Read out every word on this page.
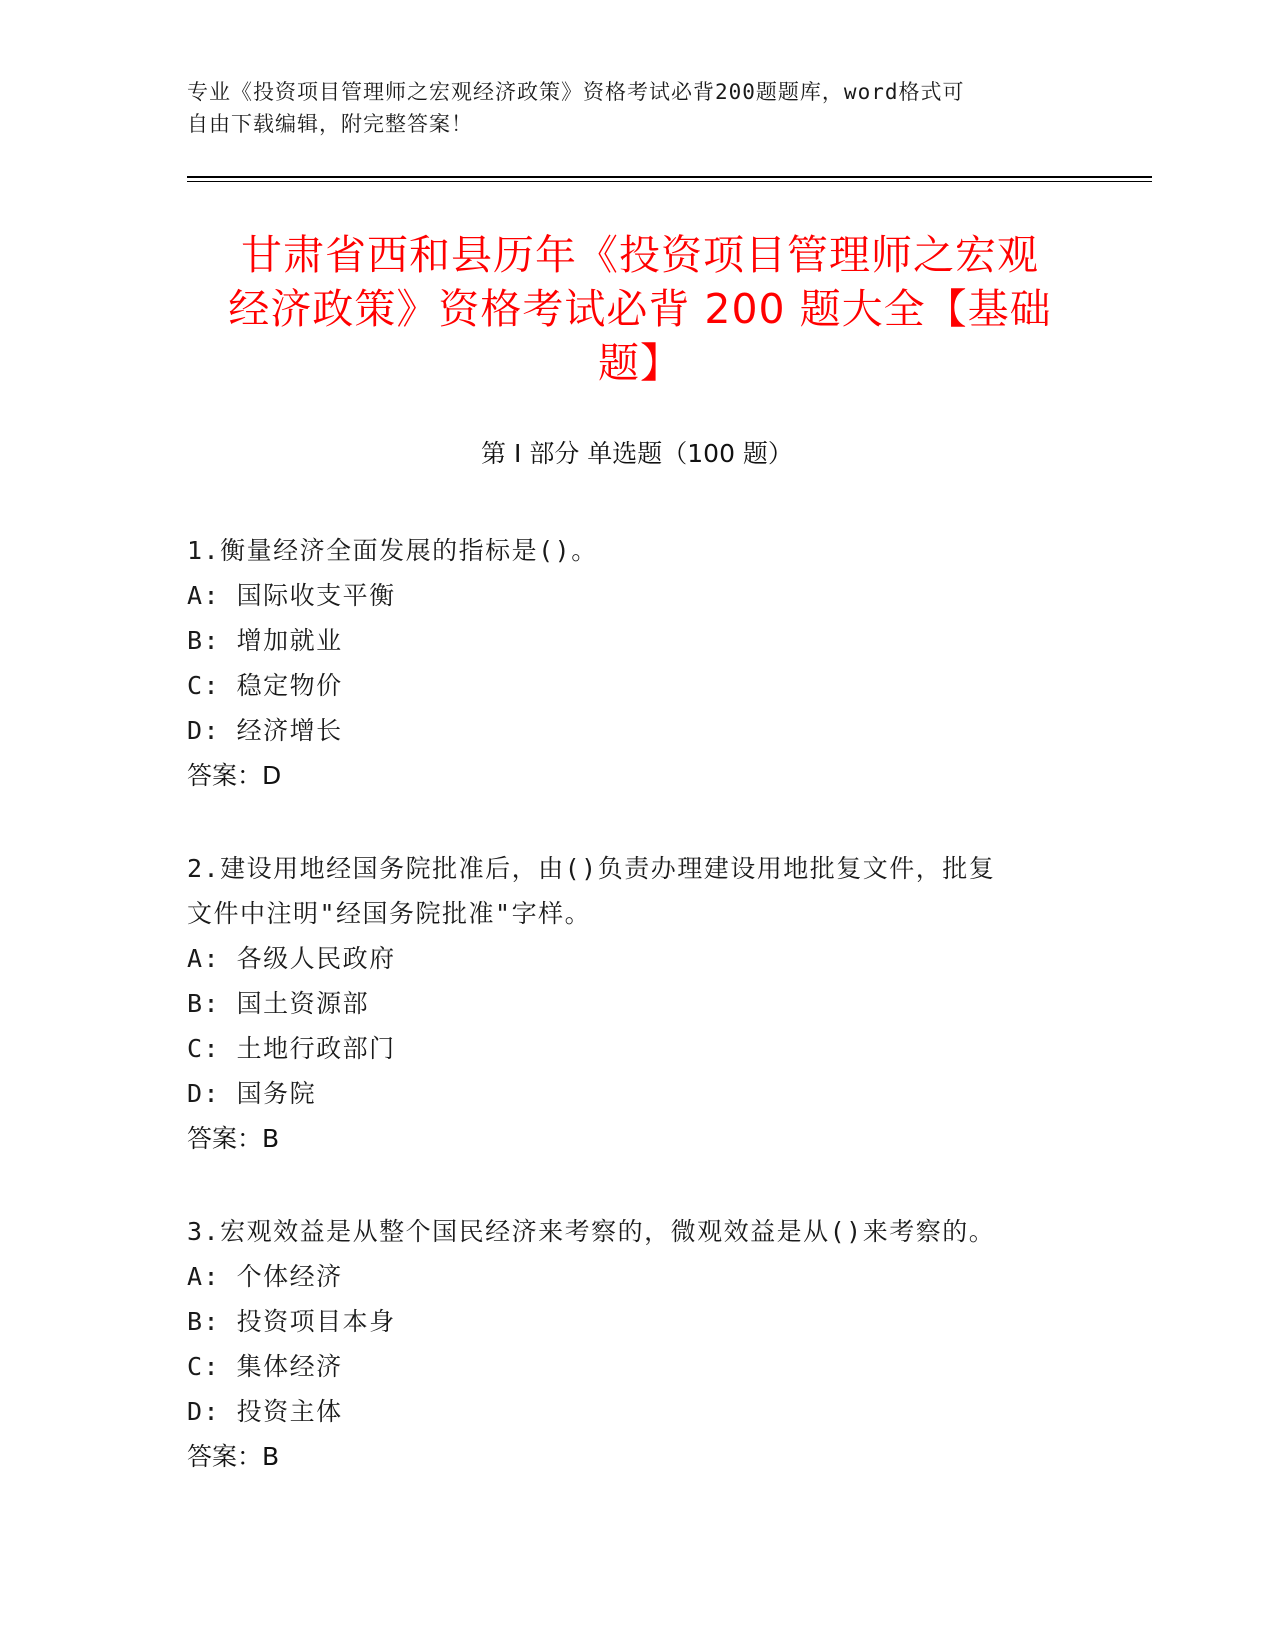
专业《投资项目管理师之宏观经济政策》资格考试必背200题题库，word格式可
自由下载编辑，附完整答案！
甘肃省西和县历年《投资项目管理师之宏观
经济政策》资格考试必背 200 题大全【基础
题】
第 I 部分 单选题（100 题）
1.衡量经济全面发展的指标是()。
A: 国际收支平衡
B: 增加就业
C: 稳定物价
D: 经济增长
答案：D
2.建设用地经国务院批准后，由()负责办理建设用地批复文件，批复
文件中注明"经国务院批准"字样。
A: 各级人民政府
B: 国土资源部
C: 土地行政部门
D: 国务院
答案：B
3.宏观效益是从整个国民经济来考察的，微观效益是从()来考察的。
A: 个体经济
B: 投资项目本身
C: 集体经济
D: 投资主体
答案：B
